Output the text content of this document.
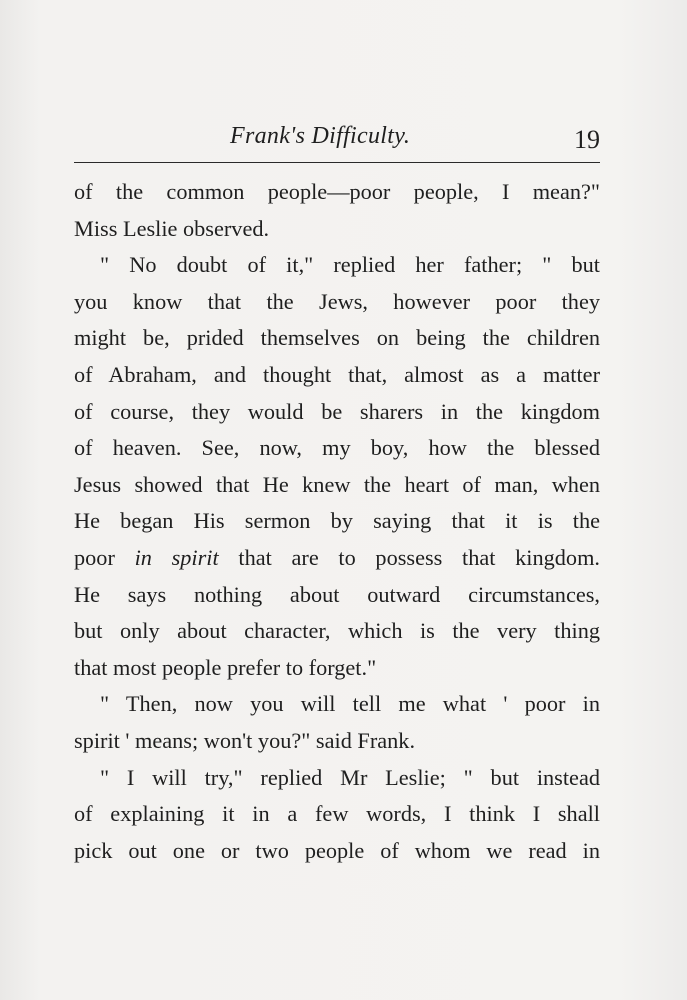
Frank's Difficulty.	19
of the common people—poor people, I mean?"
Miss Leslie observed.
" No doubt of it," replied her father; " but
you know that the Jews, however poor they
might be, prided themselves on being the children
of Abraham, and thought that, almost as a matter
of course, they would be sharers in the kingdom
of heaven. See, now, my boy, how the blessed
Jesus showed that He knew the heart of man, when
He began His sermon by saying that it is the
poor in spirit that are to possess that kingdom.
He says nothing about outward circumstances,
but only about character, which is the very thing
that most people prefer to forget."
" Then, now you will tell me what ' poor in
spirit ' means; won't you?" said Frank.
" I will try," replied Mr Leslie; " but instead
of explaining it in a few words, I think I shall
pick out one or two people of whom we read in
